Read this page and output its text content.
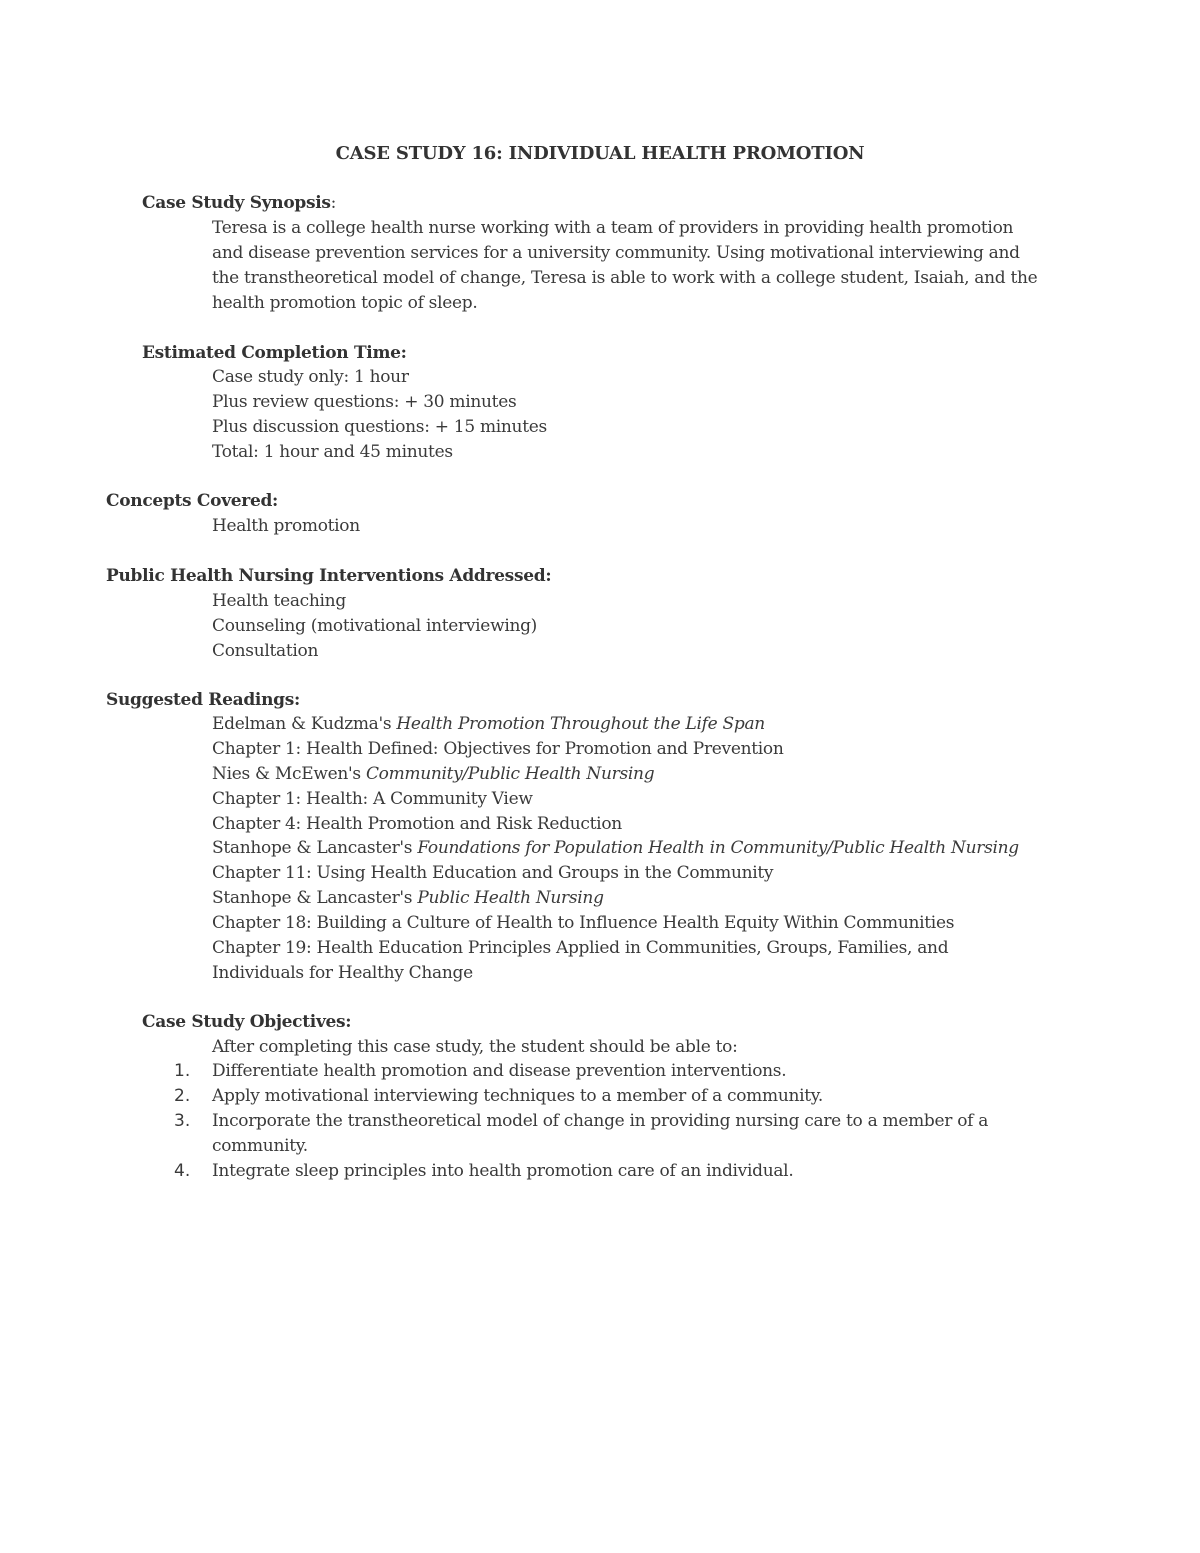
CASE STUDY 16: INDIVIDUAL HEALTH PROMOTION
Case Study Synopsis:
Teresa is a college health nurse working with a team of providers in providing health promotion
and disease prevention services for a university community. Using motivational interviewing and
the transtheoretical model of change, Teresa is able to work with a college student, Isaiah, and the
health promotion topic of sleep.
Estimated Completion Time:
Case study only: 1 hour
Plus review questions: + 30 minutes
Plus discussion questions: + 15 minutes
Total: 1 hour and 45 minutes
Concepts Covered:
Health promotion
Public Health Nursing Interventions Addressed:
Health teaching
Counseling (motivational interviewing)
Consultation
Suggested Readings:
Edelman & Kudzma's Health Promotion Throughout the Life Span
Chapter 1: Health Defined: Objectives for Promotion and Prevention
Nies & McEwen's Community/Public Health Nursing
Chapter 1: Health: A Community View
Chapter 4: Health Promotion and Risk Reduction
Stanhope & Lancaster's Foundations for Population Health in Community/Public Health Nursing
Chapter 11: Using Health Education and Groups in the Community
Stanhope & Lancaster's Public Health Nursing
Chapter 18: Building a Culture of Health to Influence Health Equity Within Communities
Chapter 19: Health Education Principles Applied in Communities, Groups, Families, and
Individuals for Healthy Change
Case Study Objectives:
After completing this case study, the student should be able to:
1. Differentiate health promotion and disease prevention interventions.
2. Apply motivational interviewing techniques to a member of a community.
3. Incorporate the transtheoretical model of change in providing nursing care to a member of a
community.
4. Integrate sleep principles into health promotion care of an individual.
